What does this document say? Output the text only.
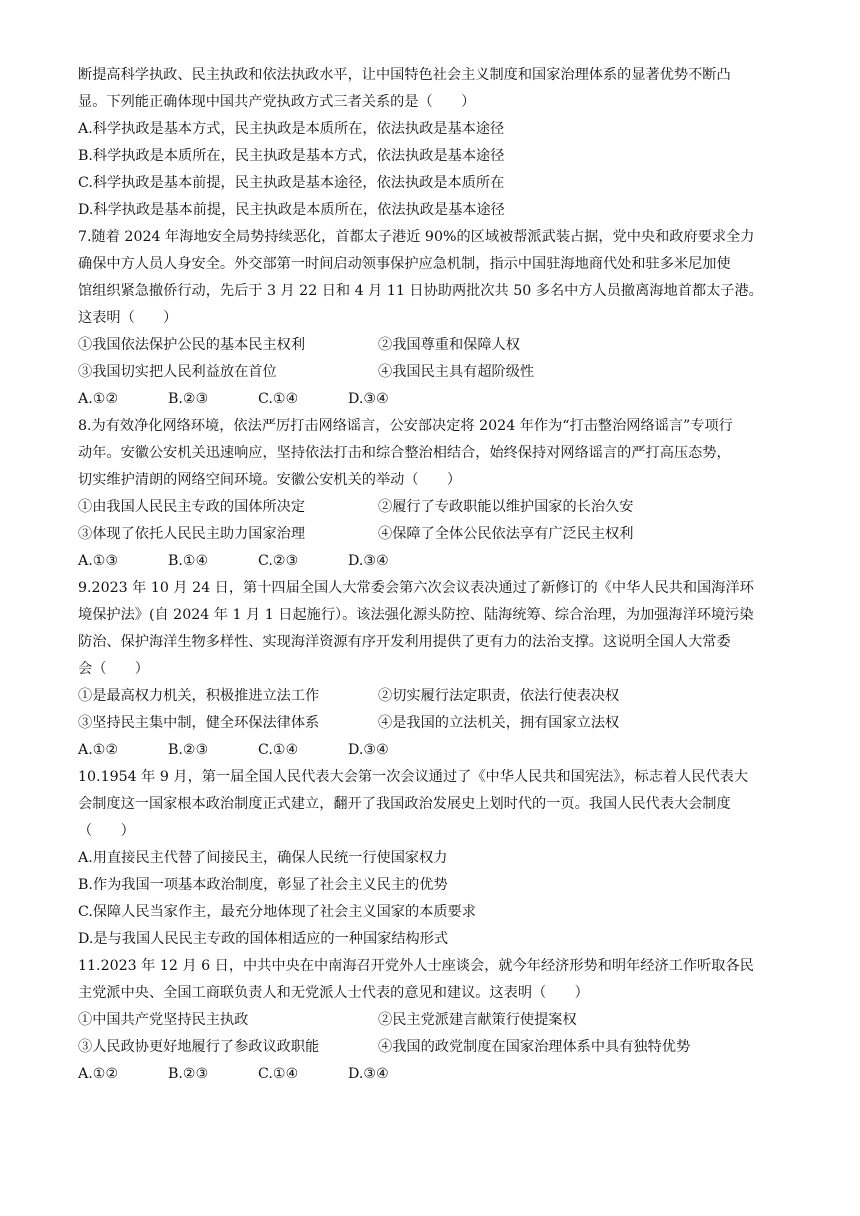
断提高科学执政、民主执政和依法执政水平，让中国特色社会主义制度和国家治理体系的显著优势不断凸
显。下列能正确体现中国共产党执政方式三者关系的是（　　）
A.科学执政是基本方式，民主执政是本质所在，依法执政是基本途径
B.科学执政是本质所在，民主执政是基本方式，依法执政是基本途径
C.科学执政是基本前提，民主执政是基本途径，依法执政是本质所在
D.科学执政是基本前提，民主执政是本质所在，依法执政是基本途径
7.随着 2024 年海地安全局势持续恶化，首都太子港近 90%的区域被帮派武装占据，党中央和政府要求全力
确保中方人员人身安全。外交部第一时间启动领事保护应急机制，指示中国驻海地商代处和驻多米尼加使
馆组织紧急撤侨行动，先后于 3 月 22 日和 4 月 11 日协助两批次共 50 多名中方人员撤离海地首都太子港。
这表明（　　）
①我国依法保护公民的基本民主权利	②我国尊重和保障人权
③我国切实把人民利益放在首位	④我国民主具有超阶级性
A.①②	B.②③	C.①④	D.③④
8.为有效净化网络环境，依法严厉打击网络谣言，公安部决定将 2024 年作为“打击整治网络谣言”专项行
动年。安徽公安机关迅速响应，坚持依法打击和综合整治相结合，始终保持对网络谣言的严打高压态势，
切实维护清朗的网络空间环境。安徽公安机关的举动（　　）
①由我国人民民主专政的国体所决定	②履行了专政职能以维护国家的长治久安
③体现了依托人民民主助力国家治理	④保障了全体公民依法享有广泛民主权利
A.①③	B.①④	C.②③	D.③④
9.2023 年 10 月 24 日，第十四届全国人大常委会第六次会议表决通过了新修订的《中华人民共和国海洋环
境保护法》(自 2024 年 1 月 1 日起施行）。该法强化源头防控、陆海统筹、综合治理，为加强海洋环境污染
防治、保护海洋生物多样性、实现海洋资源有序开发利用提供了更有力的法治支撑。这说明全国人大常委
会（　　）
①是最高权力机关，积极推进立法工作	②切实履行法定职责，依法行使表决权
③坚持民主集中制，健全环保法律体系	④是我国的立法机关，拥有国家立法权
A.①②	B.②③	C.①④	D.③④
10.1954 年 9 月，第一届全国人民代表大会第一次会议通过了《中华人民共和国宪法》，标志着人民代表大
会制度这一国家根本政治制度正式建立，翻开了我国政治发展史上划时代的一页。我国人民代表大会制度
（　　）
A.用直接民主代替了间接民主，确保人民统一行使国家权力
B.作为我国一项基本政治制度，彰显了社会主义民主的优势
C.保障人民当家作主，最充分地体现了社会主义国家的本质要求
D.是与我国人民民主专政的国体相适应的一种国家结构形式
11.2023 年 12 月 6 日，中共中央在中南海召开党外人士座谈会，就今年经济形势和明年经济工作听取各民
主党派中央、全国工商联负责人和无党派人士代表的意见和建议。这表明（　　）
①中国共产党坚持民主执政	②民主党派建言献策行使提案权
③人民政协更好地履行了参政议政职能	④我国的政党制度在国家治理体系中具有独特优势
A.①②	B.②③	C.①④	D.③④
